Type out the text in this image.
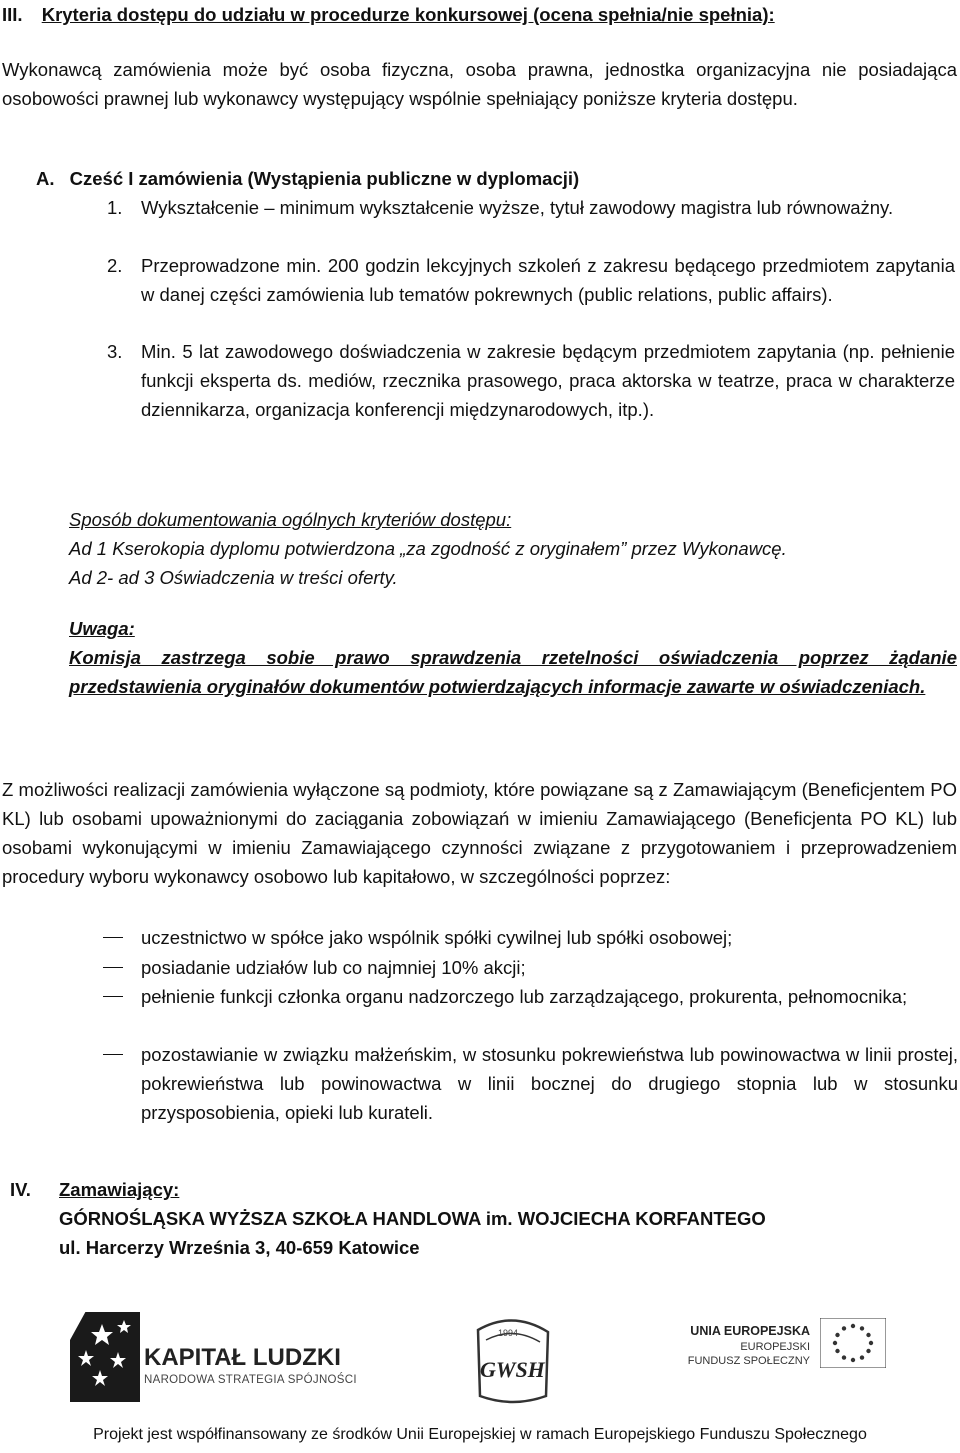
III. Kryteria dostępu do udziału w procedurze konkursowej (ocena spełnia/nie spełnia):
Wykonawcą zamówienia może być osoba fizyczna, osoba prawna, jednostka organizacyjna nie posiadająca osobowości prawnej lub wykonawcy występujący wspólnie spełniający poniższe kryteria dostępu.
A. Cześć I zamówienia (Wystąpienia publiczne w dyplomacji)
1.	Wykształcenie – minimum wykształcenie wyższe, tytuł zawodowy magistra lub równoważny.
2.	Przeprowadzone min. 200 godzin lekcyjnych szkoleń z zakresu będącego przedmiotem zapytania w danej części zamówienia lub tematów pokrewnych (public relations, public affairs).
3.	Min. 5 lat zawodowego doświadczenia w zakresie będącym przedmiotem zapytania (np. pełnienie funkcji eksperta ds. mediów, rzecznika prasowego, praca aktorska w teatrze, praca w charakterze dziennikarza, organizacja konferencji międzynarodowych, itp.).
Sposób dokumentowania ogólnych kryteriów dostępu:
Ad 1 Kserokopia dyplomu potwierdzona „za zgodność z oryginałem” przez Wykonawcę.
Ad 2- ad 3 Oświadczenia w treści oferty.
Uwaga:
Komisja zastrzega sobie prawo sprawdzenia rzetelności oświadczenia poprzez żądanie przedstawienia oryginałów dokumentów potwierdzających informacje zawarte w oświadczeniach.
Z możliwości realizacji zamówienia wyłączone są podmioty, które powiązane są z Zamawiającym (Beneficjentem PO KL) lub osobami upoważnionymi do zaciągania zobowiązań w imieniu Zamawiającego (Beneficjenta PO KL) lub osobami wykonującymi w imieniu Zamawiającego czynności związane z przygotowaniem i przeprowadzeniem procedury wyboru wykonawcy osobowo lub kapitałowo, w szczególności poprzez:
uczestnictwo w spółce jako wspólnik spółki cywilnej lub spółki osobowej;
posiadanie udziałów lub co najmniej 10% akcji;
pełnienie funkcji członka organu nadzorczego lub zarządzającego, prokurenta, pełnomocnika;
pozostawianie w związku małżeńskim, w stosunku pokrewieństwa lub powinowactwa w linii prostej, pokrewieństwa lub powinowactwa w linii bocznej do drugiego stopnia lub w stosunku przysposobienia, opieki lub kurateli.
IV. Zamawiający:
GÓRNOŚLĄSKA WYŻSZA SZKOŁA HANDLOWA im. WOJCIECHA KORFANTEGO
ul. Harcerzy Września 3, 40-659 Katowice
KAPITAŁ LUDZKI
NARODOWA STRATEGIA SPÓJNOŚCI	GWSH
1994	UNIA EUROPEJSKA
EUROPEJSKI
FUNDUSZ SPOŁECZNY
Projekt jest współfinansowany ze środków Unii Europejskiej w ramach Europejskiego Funduszu Społecznego
